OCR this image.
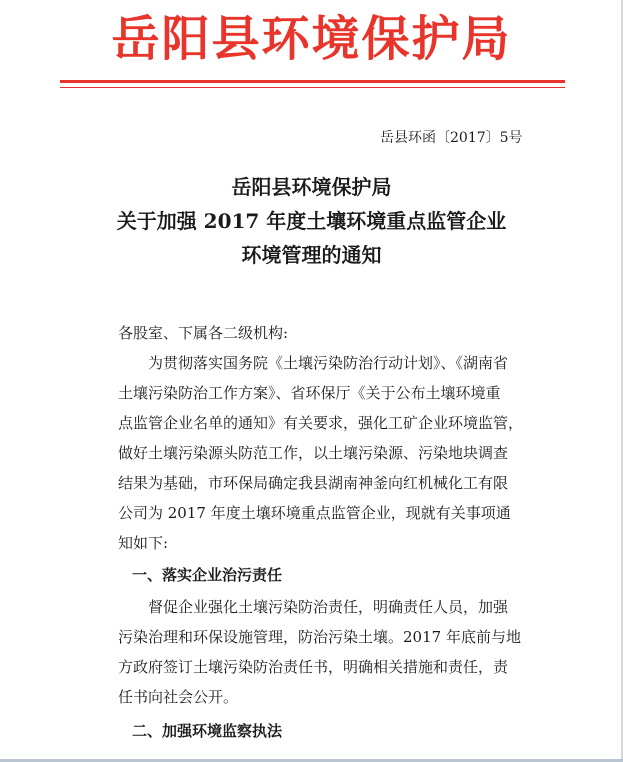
岳阳县环境保护局
岳县环函〔2017〕5号
岳阳县环境保护局
关于加强 2017 年度土壤环境重点监管企业
环境管理的通知
各股室、下属各二级机构:
为贯彻落实国务院《土壤污染防治行动计划》、《湖南省
土壤污染防治工作方案》、省环保厅《关于公布土壤环境重
点监管企业名单的通知》有关要求，强化工矿企业环境监管，
做好土壤污染源头防范工作，以土壤污染源、污染地块调查
结果为基础，市环保局确定我县湖南神釜向红机械化工有限
公司为 2017 年度土壤环境重点监管企业，现就有关事项通
知如下:
一、落实企业治污责任
督促企业强化土壤污染防治责任，明确责任人员，加强
污染治理和环保设施管理，防治污染土壤。2017 年底前与地
方政府签订土壤污染防治责任书，明确相关措施和责任，责
任书向社会公开。
二、加强环境监察执法
